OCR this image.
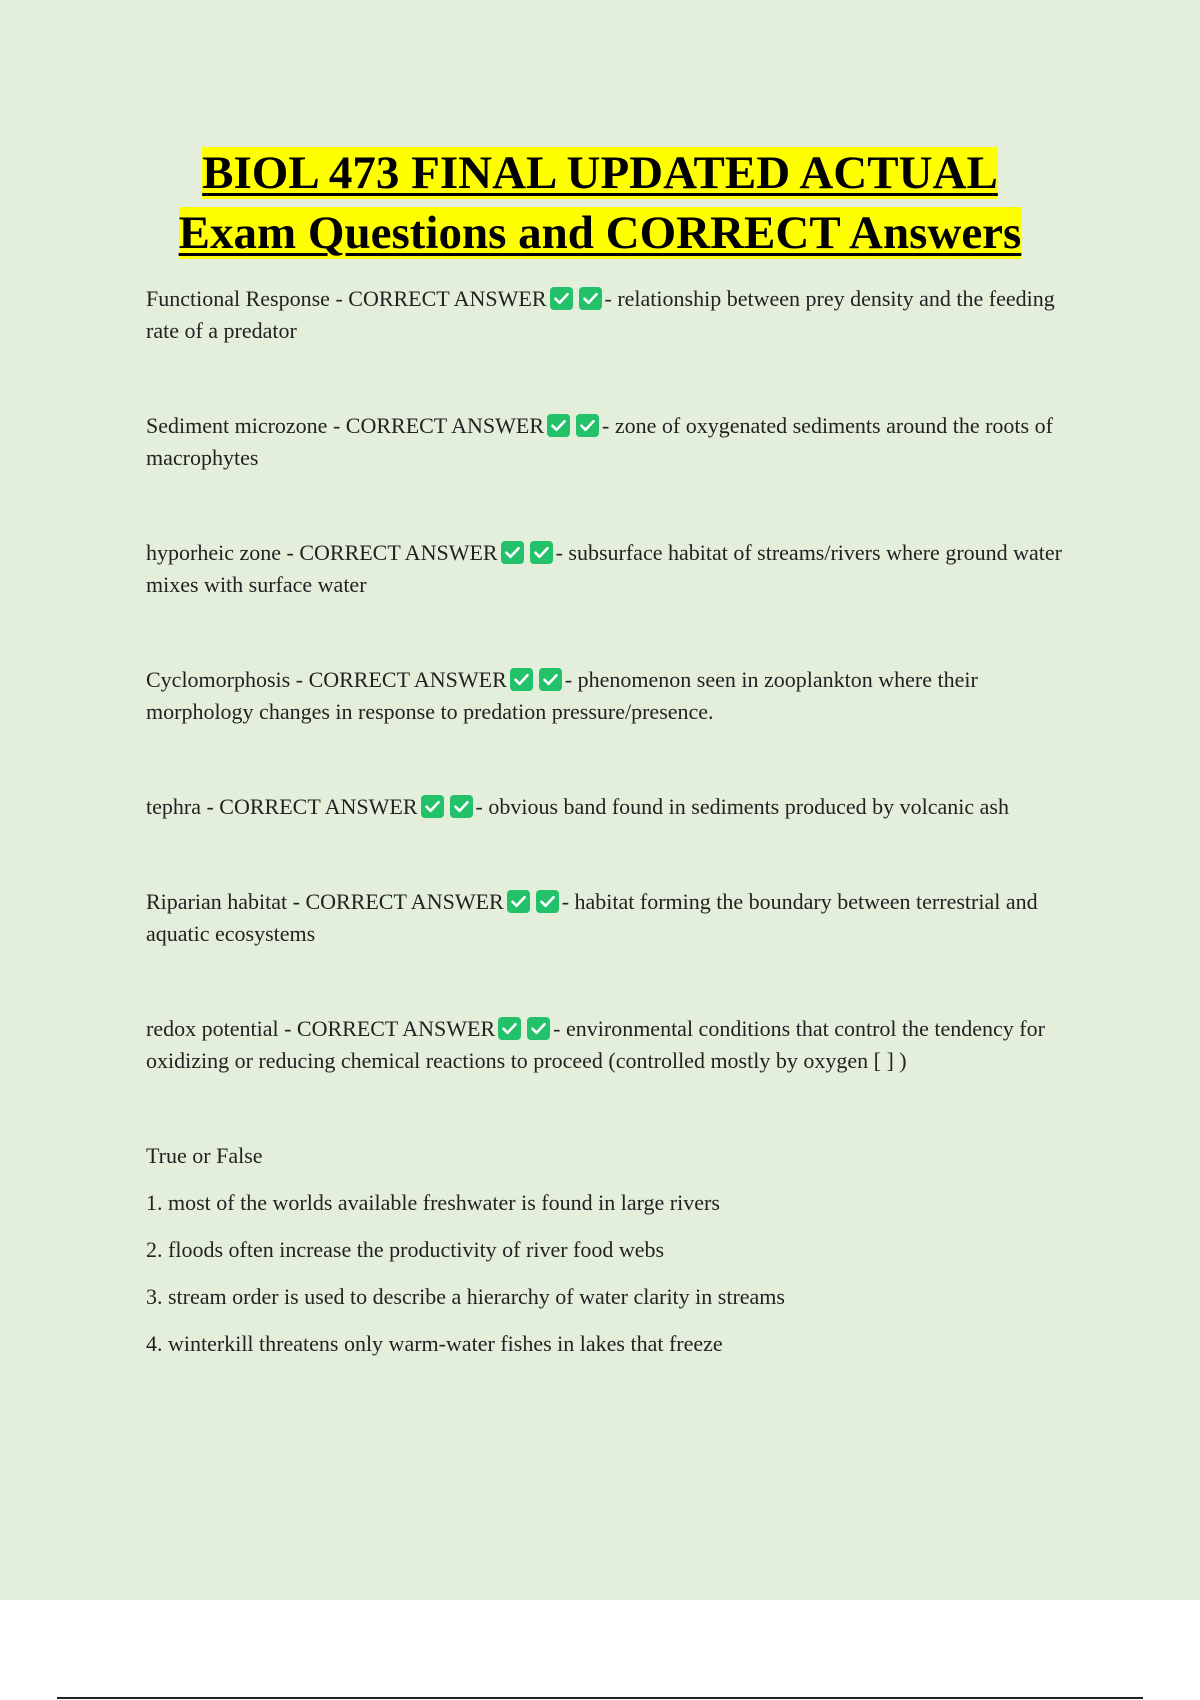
BIOL 473 FINAL UPDATED ACTUAL
Exam Questions and CORRECT Answers

Functional Response - CORRECT ANSWER	- relationship between prey density and the feeding rate of a predator

Sediment microzone - CORRECT ANSWER	- zone of oxygenated sediments around the roots of macrophytes

hyporheic zone - CORRECT ANSWER	- subsurface habitat of streams/rivers where ground water mixes with surface water

Cyclomorphosis - CORRECT ANSWER	- phenomenon seen in zooplankton where their morphology changes in response to predation pressure/presence.

tephra - CORRECT ANSWER	- obvious band found in sediments produced by volcanic ash

Riparian habitat - CORRECT ANSWER	- habitat forming the boundary between terrestrial and aquatic ecosystems

redox potential - CORRECT ANSWER	- environmental conditions that control the tendency for oxidizing or reducing chemical reactions to proceed (controlled mostly by oxygen [ ] )

True or False
1. most of the worlds available freshwater is found in large rivers
2. floods often increase the productivity of river food webs
3. stream order is used to describe a hierarchy of water clarity in streams
4. winterkill threatens only warm-water fishes in lakes that freeze
